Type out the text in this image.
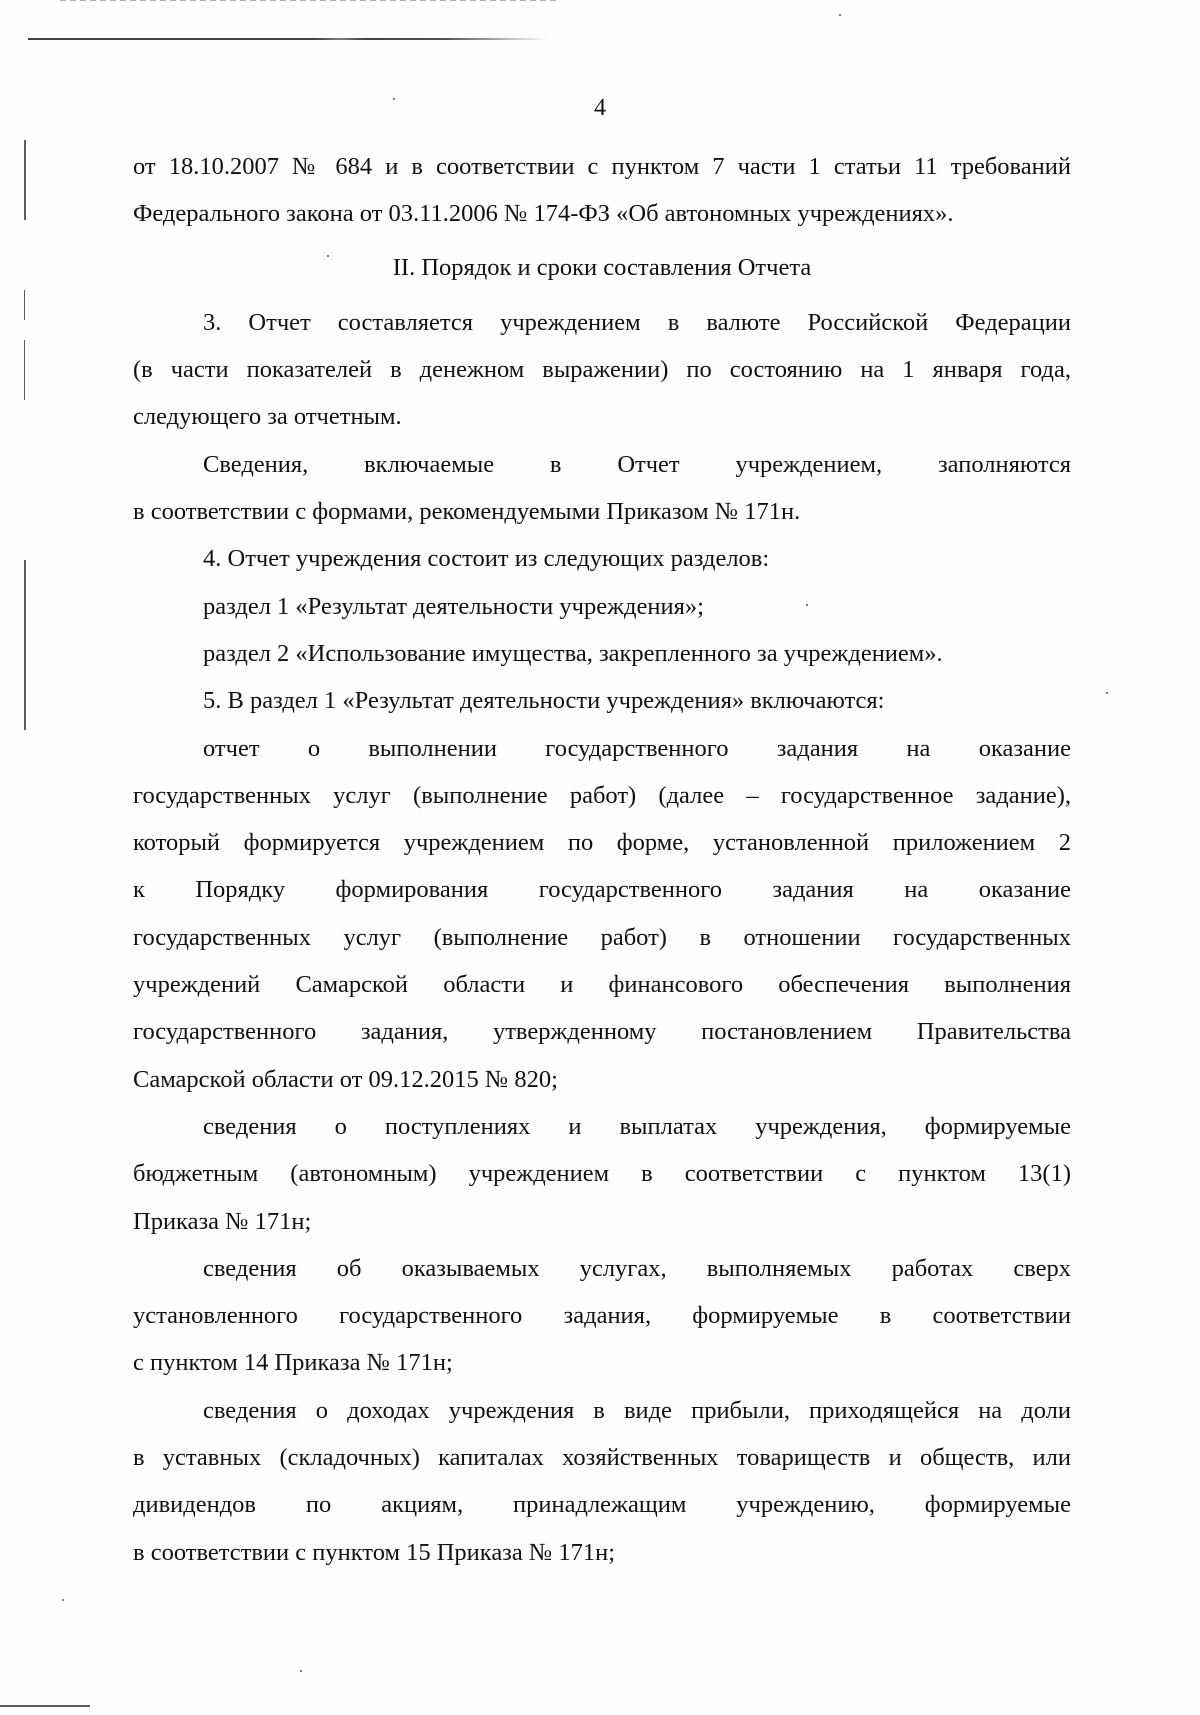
4
от 18.10.2007 № 684 и в соответствии с пунктом 7 части 1 статьи 11 требований
Федерального закона от 03.11.2006 № 174-ФЗ «Об автономных учреждениях».
II. Порядок и сроки составления Отчета
3. Отчет составляется учреждением в валюте Российской Федерации
(в части показателей в денежном выражении) по состоянию на 1 января года,
следующего за отчетным.
Сведения, включаемые в Отчет учреждением, заполняются
в соответствии с формами, рекомендуемыми Приказом № 171н.
4. Отчет учреждения состоит из следующих разделов:
раздел 1 «Результат деятельности учреждения»;
раздел 2 «Использование имущества, закрепленного за учреждением».
5. В раздел 1 «Результат деятельности учреждения» включаются:
отчет о выполнении государственного задания на оказание
государственных услуг (выполнение работ) (далее – государственное задание),
который формируется учреждением по форме, установленной приложением 2
к Порядку формирования государственного задания на оказание
государственных услуг (выполнение работ) в отношении государственных
учреждений Самарской области и финансового обеспечения выполнения
государственного задания, утвержденному постановлением Правительства
Самарской области от 09.12.2015 № 820;
сведения о поступлениях и выплатах учреждения, формируемые
бюджетным (автономным) учреждением в соответствии с пунктом 13(1)
Приказа № 171н;
сведения об оказываемых услугах, выполняемых работах сверх
установленного государственного задания, формируемые в соответствии
с пунктом 14 Приказа № 171н;
сведения о доходах учреждения в виде прибыли, приходящейся на доли
в уставных (складочных) капиталах хозяйственных товариществ и обществ, или
дивидендов по акциям, принадлежащим учреждению, формируемые
в соответствии с пунктом 15 Приказа № 171н;
